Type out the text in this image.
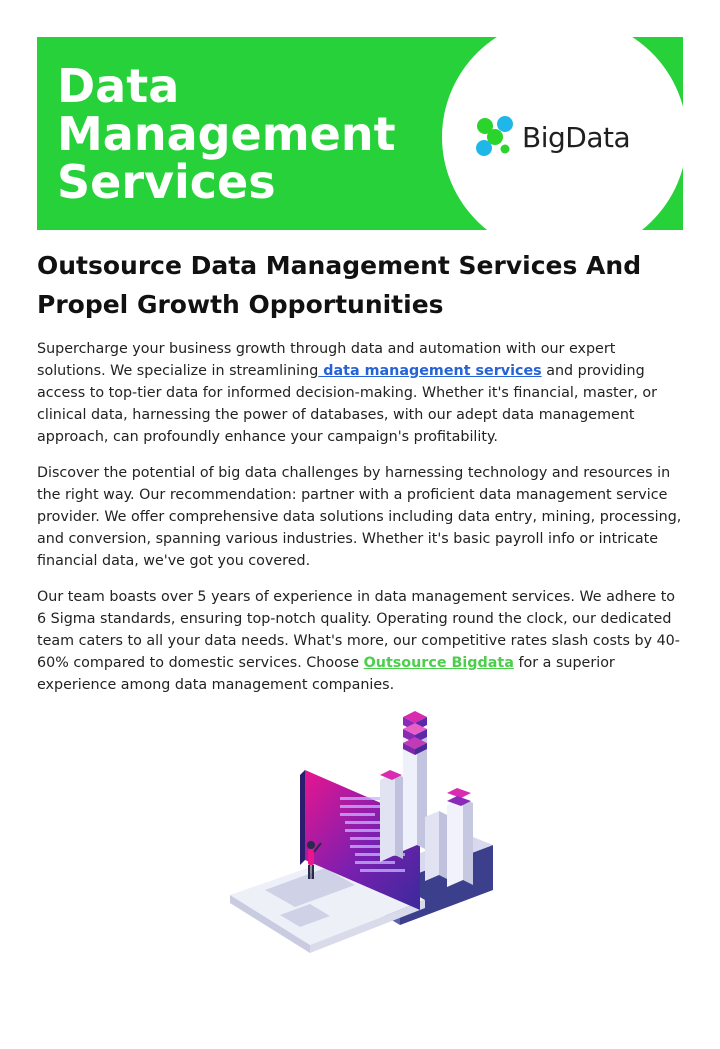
Data
Management
Services
BigData
Outsource Data Management Services And Propel Growth Opportunities

Supercharge your business growth through data and automation with our expert solutions. We specialize in streamlining data management services and providing access to top-tier data for informed decision-making. Whether it's financial, master, or clinical data, harnessing the power of databases, with our adept data management approach, can profoundly enhance your campaign's profitability.

Discover the potential of big data challenges by harnessing technology and resources in the right way. Our recommendation: partner with a proficient data management service provider. We offer comprehensive data solutions including data entry, mining, processing, and conversion, spanning various industries. Whether it's basic payroll info or intricate financial data, we've got you covered.

Our team boasts over 5 years of experience in data management services. We adhere to 6 Sigma standards, ensuring top-notch quality. Operating round the clock, our dedicated team caters to all your data needs. What's more, our competitive rates slash costs by 40-60% compared to domestic services. Choose Outsource Bigdata for a superior experience among data management companies.
